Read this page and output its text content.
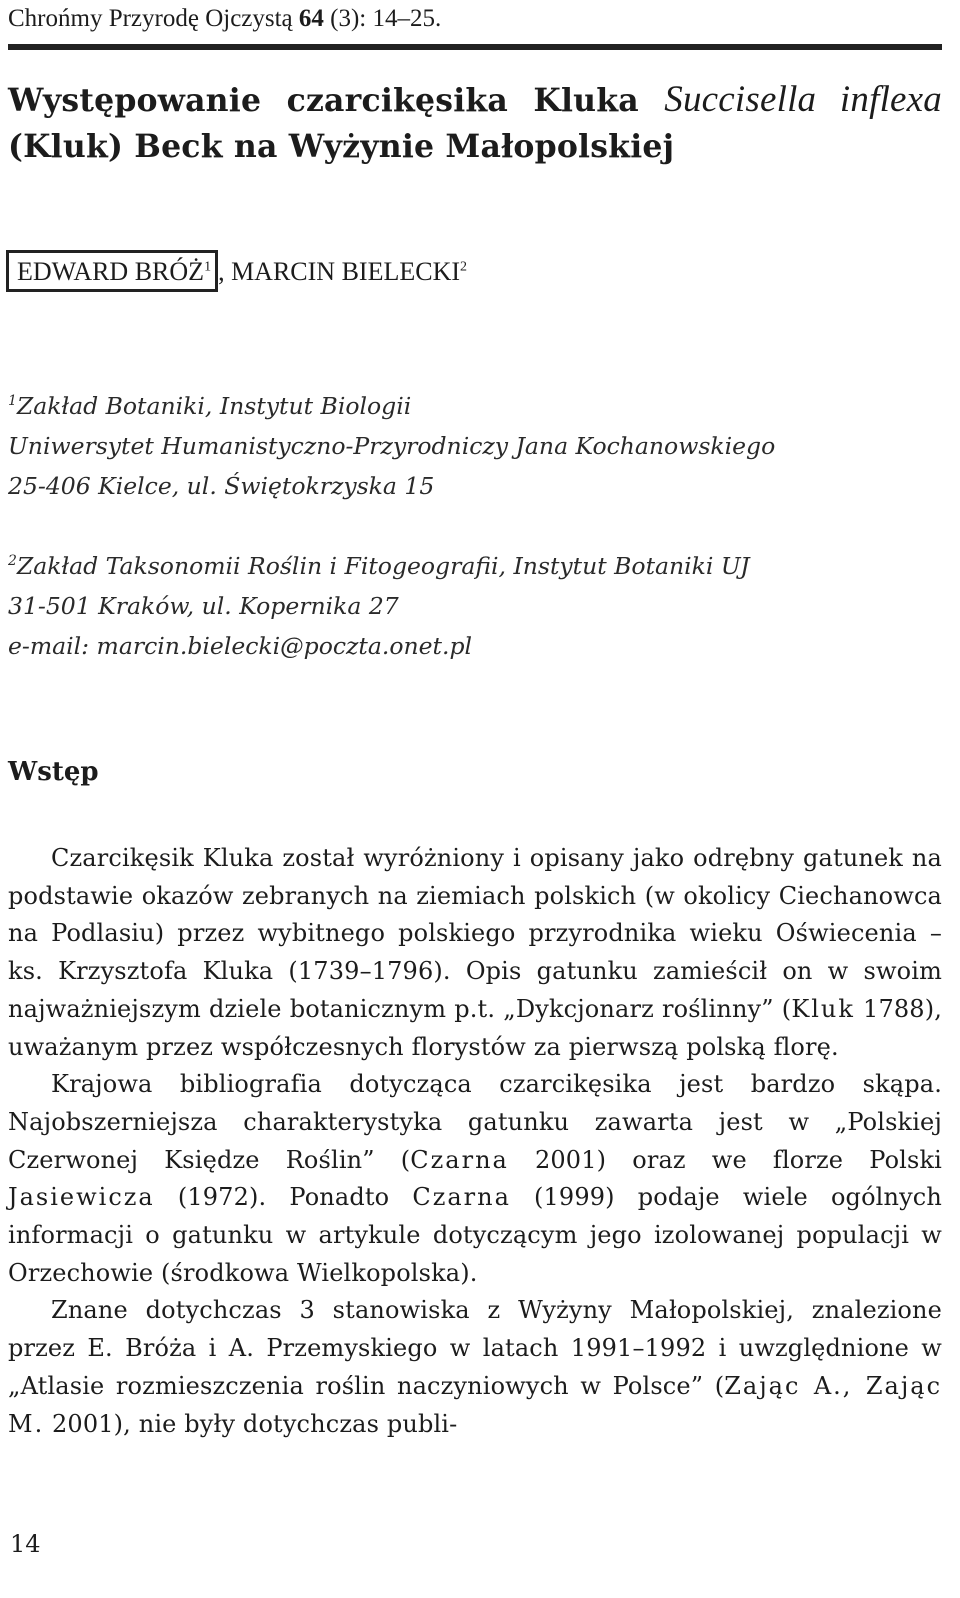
Chrońmy Przyrodę Ojczystą 64 (3): 14–25.
Występowanie czarcikęsika Kluka Succisella inflexa (Kluk) Beck na Wyżynie Małopolskiej
EDWARD BRÓŻ$^1$ , MARCIN BIELECKI$^2$
$^1$Zakład Botaniki, Instytut Biologii
Uniwersytet Humanistyczno-Przyrodniczy Jana Kochanowskiego
25-406 Kielce, ul. Świętokrzyska 15
$^2$Zakład Taksonomii Roślin i Fitogeografii, Instytut Botaniki UJ
31-501 Kraków, ul. Kopernika 27
e-mail: marcin.bielecki@poczta.onet.pl
Wstęp

Czarcikęsik Kluka został wyróżniony i opisany jako odrębny gatunek na podstawie okazów zebranych na ziemiach polskich (w okolicy Ciechanowca na Podlasiu) przez wybitnego polskiego przyrodnika wieku Oświecenia – ks. Krzysztofa Kluka (1739–1796). Opis gatunku zamieścił on w swoim najważniejszym dziele botanicznym p.t. „Dykcjonarz roślinny” (Kluk 1788), uważanym przez współczesnych florystów za pierwszą polską florę.

Krajowa bibliografia dotycząca czarcikęsika jest bardzo skąpa. Najobszerniejsza charakterystyka gatunku zawarta jest w „Polskiej Czerwonej Księdze Roślin” (Czarna 2001) oraz we florze Polski Jasiewicza (1972). Ponadto Czarna (1999) podaje wiele ogólnych informacji o gatunku w artykule dotyczącym jego izolowanej populacji w Orzechowie (środkowa Wielkopolska).

Znane dotychczas 3 stanowiska z Wyżyny Małopolskiej, znalezione przez E. Bróża i A. Przemyskiego w latach 1991–1992 i uwzględnione w „Atlasie rozmieszczenia roślin naczyniowych w Polsce” (Zając A., Zając M. 2001), nie były dotychczas publi-

14
